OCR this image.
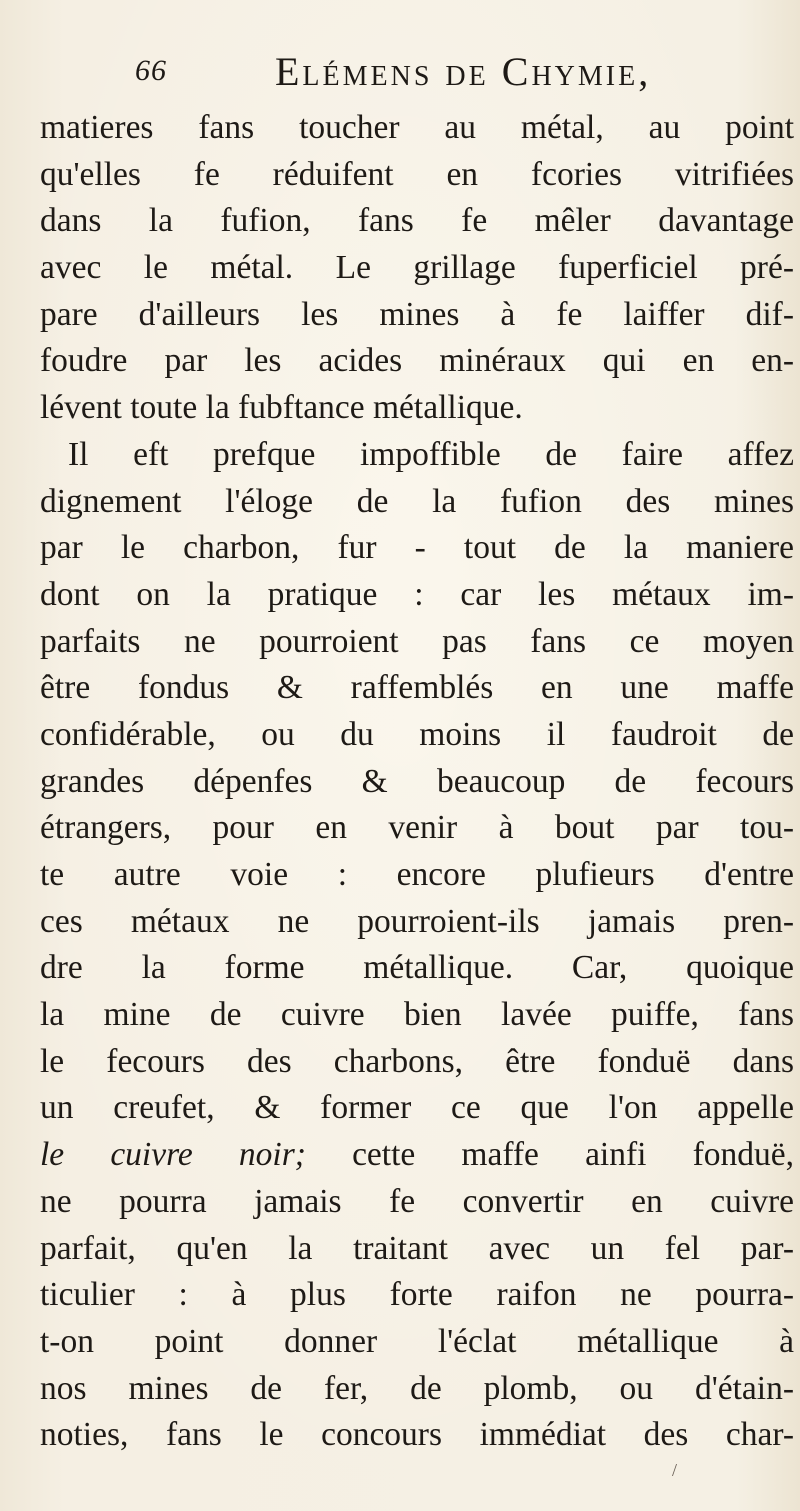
66	Elémens de Chymie,
matieres fans toucher au métal, au point
qu'elles fe réduifent en fcories vitrifiées
dans la fufion, fans fe mêler davantage
avec le métal. Le grillage fuperficiel pré-
pare d'ailleurs les mines à fe laiffer dif-
foudre par les acides minéraux qui en en-
lévent toute la fubftance métallique.
Il eft prefque impoffible de faire affez
dignement l'éloge de la fufion des mines
par le charbon, fur - tout de la maniere
dont on la pratique : car les métaux im-
parfaits ne pourroient pas fans ce moyen
être fondus & raffemblés en une maffe
confidérable, ou du moins il faudroit de
grandes dépenfes & beaucoup de fecours
étrangers, pour en venir à bout par tou-
te autre voie : encore plufieurs d'entre
ces métaux ne pourroient-ils jamais pren-
dre la forme métallique. Car, quoique
la mine de cuivre bien lavée puiffe, fans
le fecours des charbons, être fonduë dans
un creufet, & former ce que l'on appelle
le cuivre noir; cette maffe ainfi fonduë,
ne pourra jamais fe convertir en cuivre
parfait, qu'en la traitant avec un fel par-
ticulier : à plus forte raifon ne pourra-
t-on point donner l'éclat métallique à
nos mines de fer, de plomb, ou d'étain-
noties, fans le concours immédiat des char-
/
